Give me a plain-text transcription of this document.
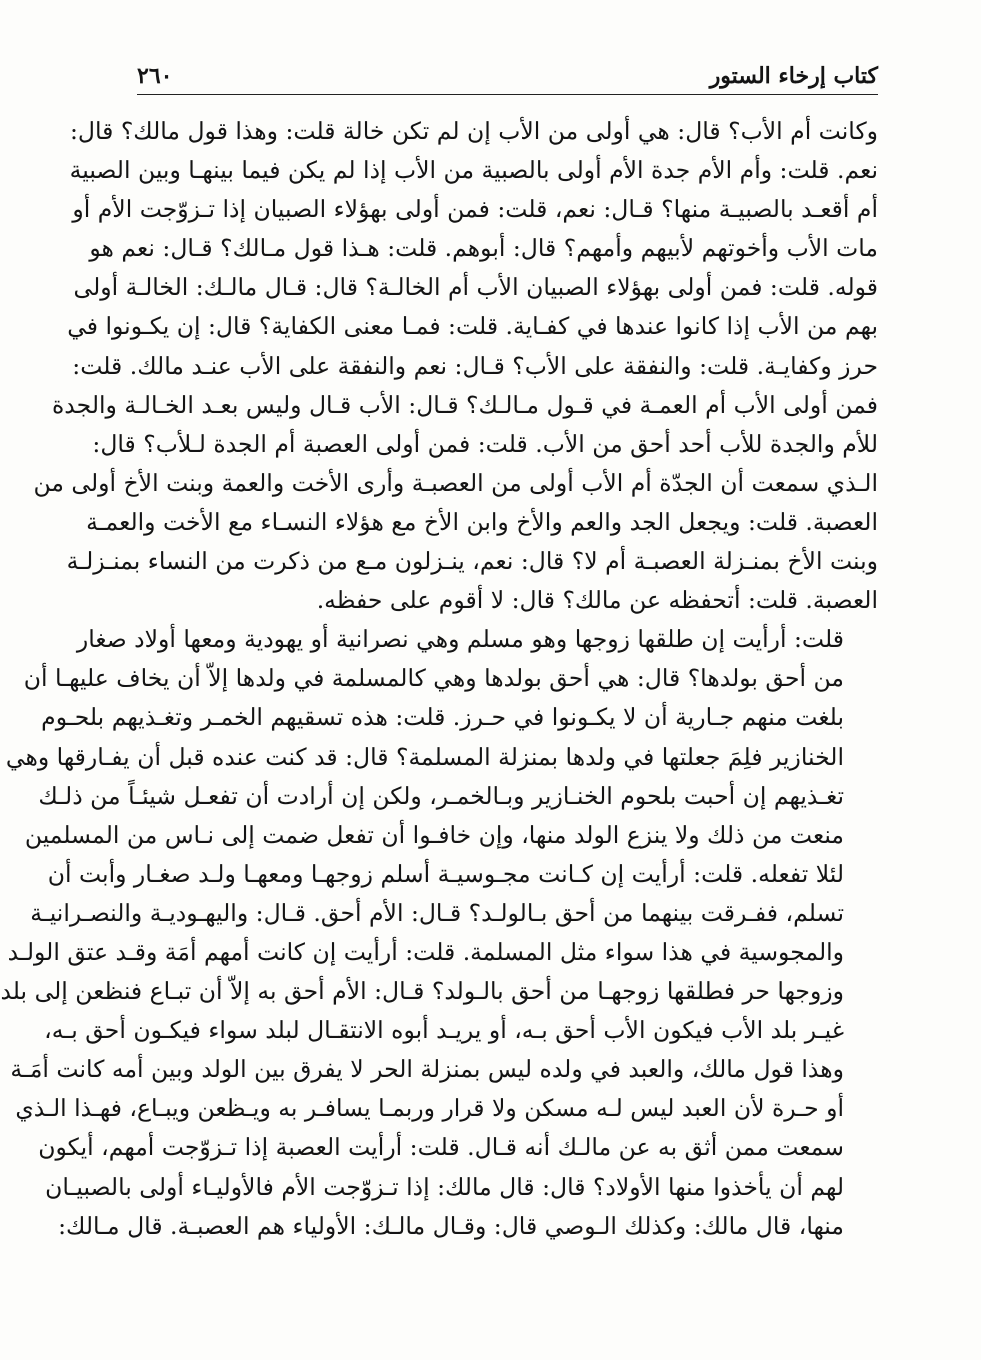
كتاب إرخاء الستور
٢٦٠

وكانت أم الأب؟ قال: هي أولى من الأب إن لم تكن خالة قلت: وهذا قول مالك؟ قال:
نعم. قلت: وأم الأم جدة الأم أولى بالصبية من الأب إذا لم يكن فيما بينهـا وبين الصبية
أم أقعـد بالصبيـة منها؟ قـال: نعم، قلت: فمن أولى بهؤلاء الصبيان إذا تـزوّجت الأم أو
مات الأب وأخوتهم لأبيهم وأمهم؟ قال: أبوهم. قلت: هـذا قول مـالك؟ قـال: نعم هو
قوله. قلت: فمن أولى بهؤلاء الصبيان الأب أم الخالـة؟ قال: قـال مالـك: الخالـة أولى
بهم من الأب إذا كانوا عندها في كفـاية. قلت: فمـا معنى الكفاية؟ قال: إن يكـونوا في
حرز وكفايـة. قلت: والنفقة على الأب؟ قـال: نعم والنفقة على الأب عنـد مالك. قلت:
فمن أولى الأب أم العمـة في قـول مـالـك؟ قـال: الأب قـال وليس بعـد الخـالـة والجدة
للأم والجدة للأب أحد أحق من الأب. قلت: فمن أولى العصبة أم الجدة لـلأب؟ قال:
الـذي سمعت أن الجدّة أم الأب أولى من العصبـة وأرى الأخت والعمة وبنت الأخ أولى من
العصبة. قلت: ويجعل الجد والعم والأخ وابن الأخ مع هؤلاء النسـاء مع الأخت والعمـة
وبنت الأخ بمنـزلة العصبـة أم لا؟ قال: نعم، ينـزلون مـع من ذكرت من النساء بمنـزلـة
العصبة. قلت: أتحفظه عن مالك؟ قال: لا أقوم على حفظه.

قلت: أرأيت إن طلقها زوجها وهو مسلم وهي نصرانية أو يهودية ومعها أولاد صغار
من أحق بولدها؟ قال: هي أحق بولدها وهي كالمسلمة في ولدها إلاّ أن يخاف عليهـا أن
بلغت منهم جـارية أن لا يكـونوا في حـرز. قلت: هذه تسقيهم الخمـر وتغـذيهم بلحـوم
الخنازير فلِمَ جعلتها في ولدها بمنزلة المسلمة؟ قال: قد كنت عنده قبل أن يفـارقها وهي
تغـذيهم إن أحبت بلحوم الخنـازير وبـالخمـر، ولكن إن أرادت أن تفعـل شيئـاً من ذلـك
منعت من ذلك ولا ينزع الولد منها، وإن خافـوا أن تفعل ضمت إلى نـاس من المسلمين
لئلا تفعله. قلت: أرأيت إن كـانت مجـوسيـة أسلم زوجهـا ومعهـا ولـد صغـار وأبت أن
تسلم، ففـرقت بينهما من أحق بـالولـد؟ قـال: الأم أحق. قـال: واليهـوديـة والنصـرانيـة
والمجوسية في هذا سواء مثل المسلمة. قلت: أرأيت إن كانت أمهم أمَة وقـد عتق الولـد
وزوجها حر فطلقها زوجهـا من أحق بالـولد؟ قـال: الأم أحق به إلاّ أن تبـاع فنظعن إلى بلد
غيـر بلد الأب فيكون الأب أحق بـه، أو يريـد أبوه الانتقـال لبلد سواء فيكـون أحق بـه،
وهذا قول مالك، والعبد في ولده ليس بمنزلة الحر لا يفرق بين الولد وبين أمه كانت أمَـة
أو حـرة لأن العبد ليس لـه مسكن ولا قرار وربمـا يسافـر به ويـظعن ويبـاع، فهـذا الـذي
سمعت ممن أثق به عن مالـك أنه قـال. قلت: أرأيت العصبة إذا تـزوّجت أمهم، أيكون
لهم أن يأخذوا منها الأولاد؟ قال: قال مالك: إذا تـزوّجت الأم فالأوليـاء أولى بالصبيـان
منها، قال مالك: وكذلك الـوصي قال: وقـال مالـك: الأولياء هم العصبـة. قال مـالك:
